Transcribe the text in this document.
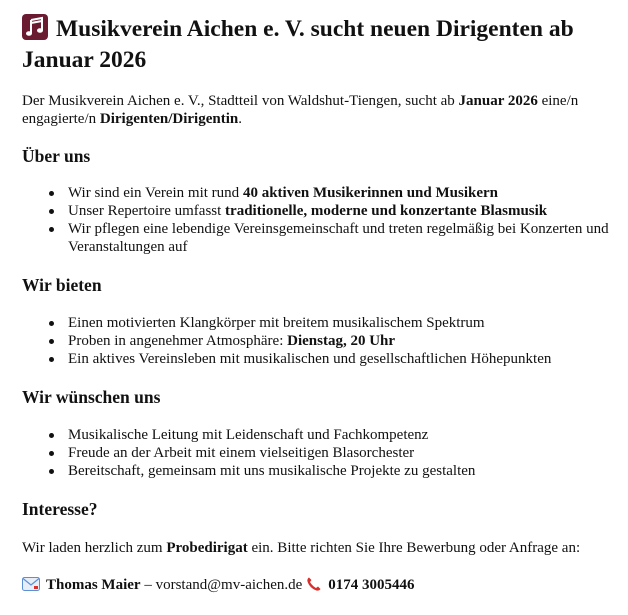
Musikverein Aichen e. V. sucht neuen Dirigenten ab Januar 2026

Der Musikverein Aichen e. V., Stadtteil von Waldshut-Tiengen, sucht ab Januar 2026 eine/n engagierte/n Dirigenten/Dirigentin.

Über uns
Wir sind ein Verein mit rund 40 aktiven Musikerinnen und Musikern
Unser Repertoire umfasst traditionelle, moderne und konzertante Blasmusik
Wir pflegen eine lebendige Vereinsgemeinschaft und treten regelmäßig bei Konzerten und Veranstaltungen auf
Wir bieten
Einen motivierten Klangkörper mit breitem musikalischem Spektrum
Proben in angenehmer Atmosphäre: Dienstag, 20 Uhr
Ein aktives Vereinsleben mit musikalischen und gesellschaftlichen Höhepunkten
Wir wünschen uns
Musikalische Leitung mit Leidenschaft und Fachkompetenz
Freude an der Arbeit mit einem vielseitigen Blasorchester
Bereitschaft, gemeinsam mit uns musikalische Projekte zu gestalten
Interesse?

Wir laden herzlich zum Probedirigat ein. Bitte richten Sie Ihre Bewerbung oder Anfrage an:

Thomas Maier – vorstand@mv-aichen.de 0174 3005446
